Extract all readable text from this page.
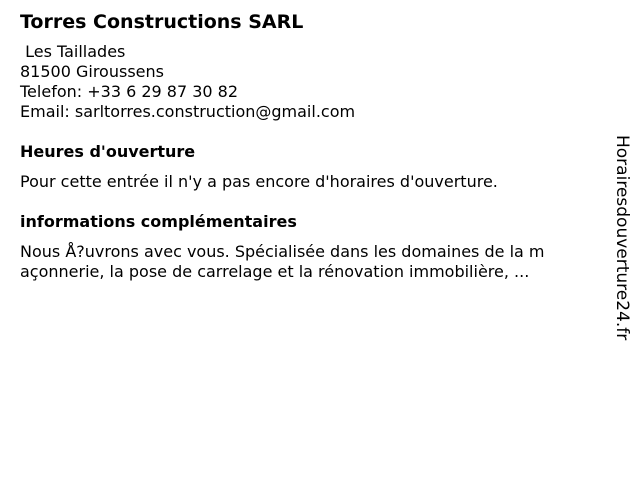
Torres Constructions SARL
Les Taillades
81500 Giroussens
Telefon: +33 6 29 87 30 82
Email: sarltorres.construction@gmail.com
Heures d'ouverture
Pour cette entrée il n'y a pas encore d'horaires d'ouverture.
informations complémentaires
Nous Å?uvrons avec vous. Spécialisée dans les domaines de la m
açonnerie, la pose de carrelage et la rénovation immobilière, ...	Horairesdouverture24.fr
